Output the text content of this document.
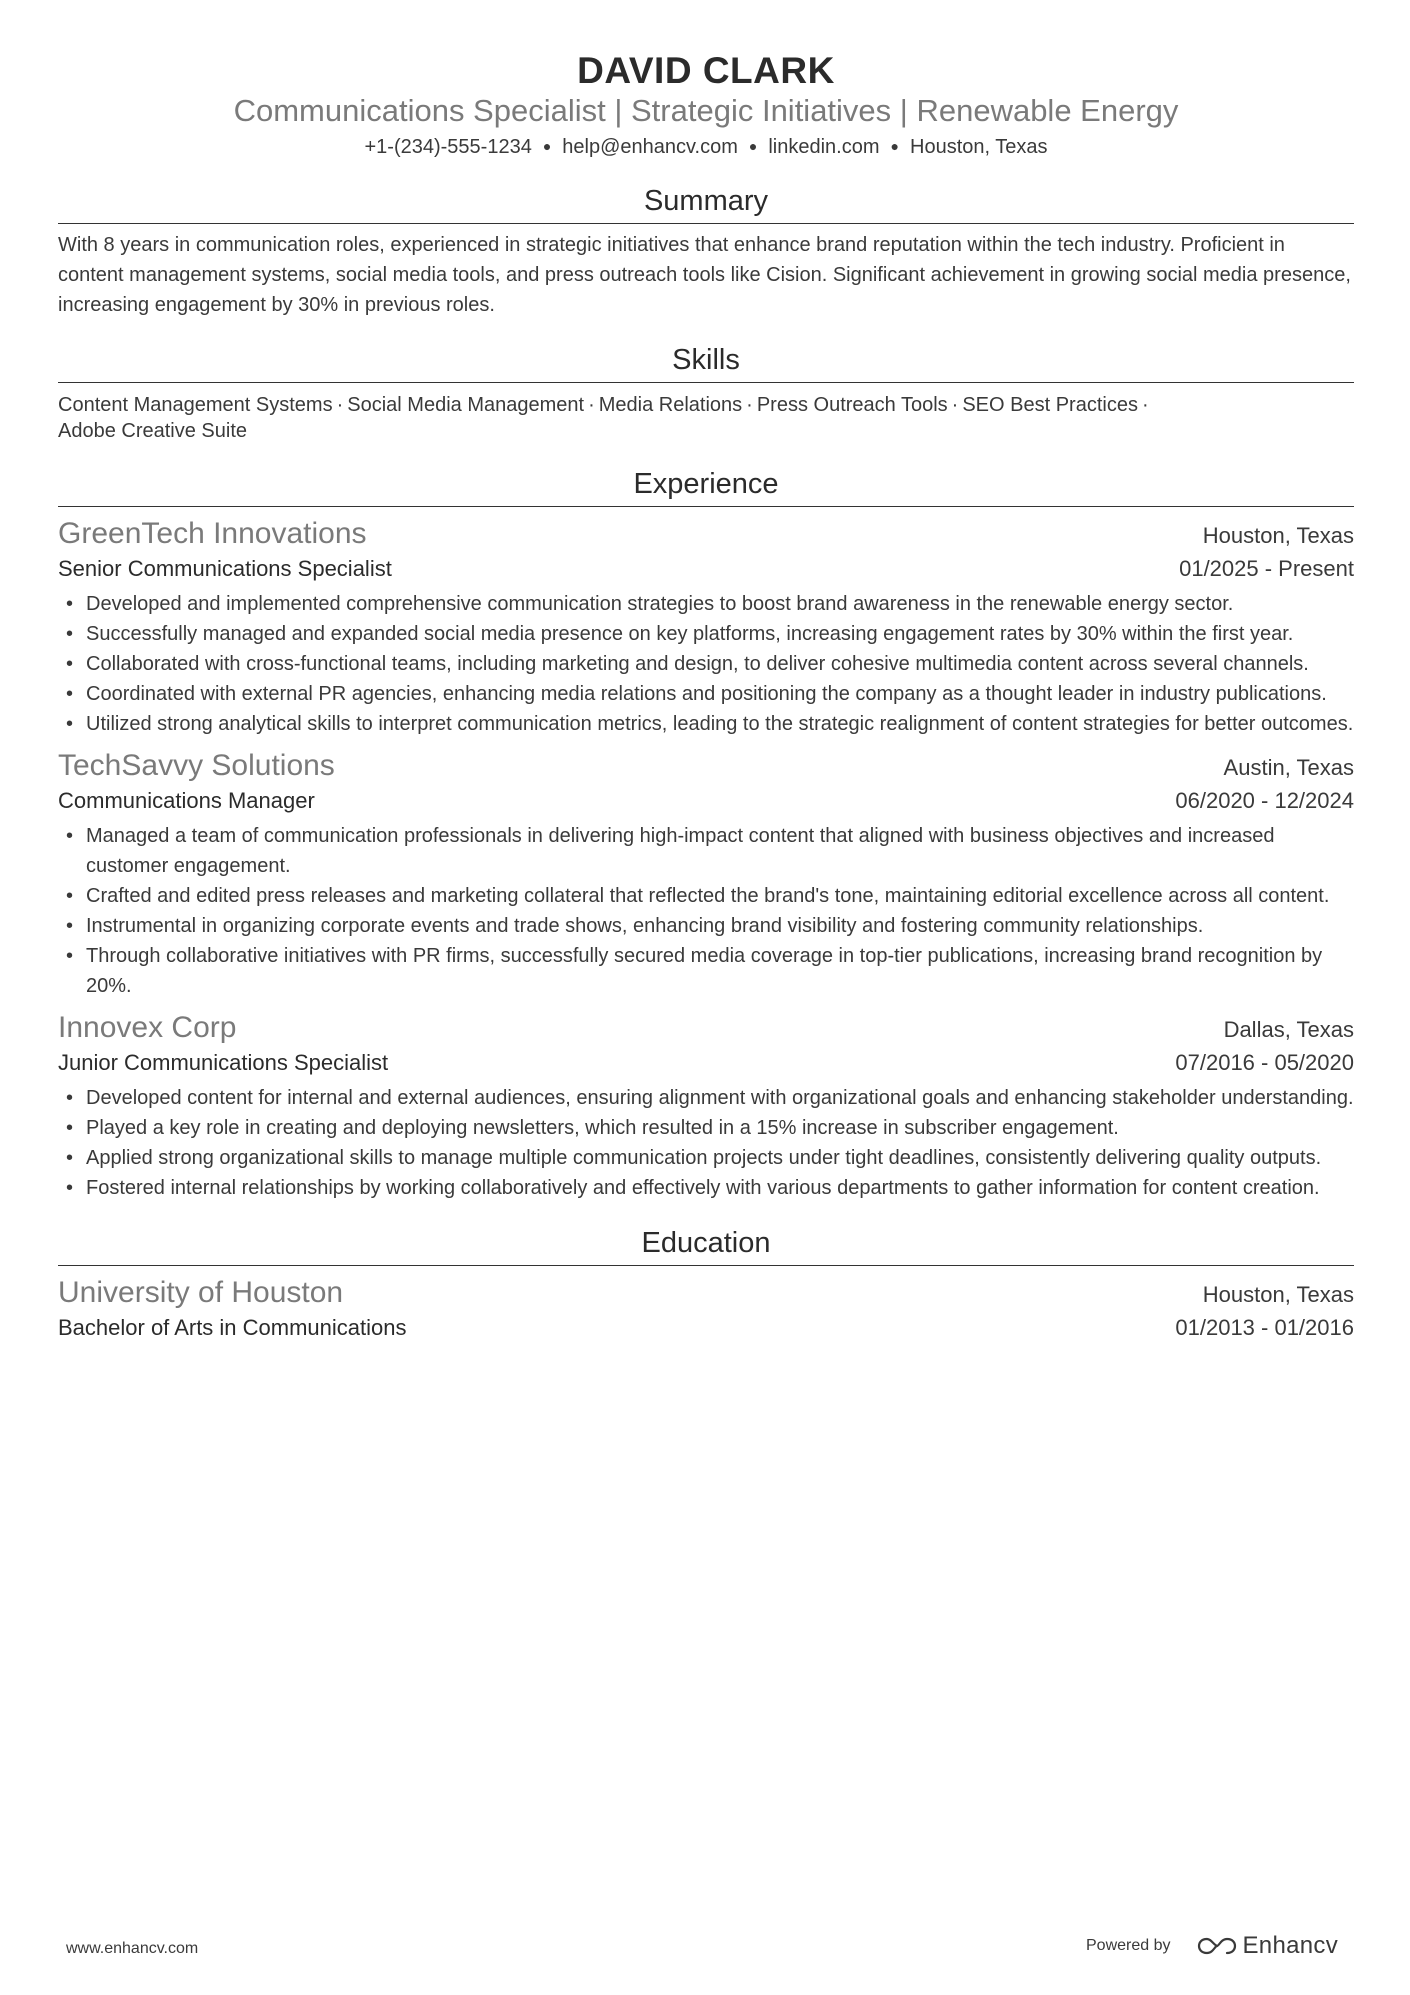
DAVID CLARK
Communications Specialist | Strategic Initiatives | Renewable Energy
+1-(234)-555-1234 ● help@enhancv.com ● linkedin.com ● Houston, Texas
Summary
With 8 years in communication roles, experienced in strategic initiatives that enhance brand reputation within the tech industry. Proficient in content management systems, social media tools, and press outreach tools like Cision. Significant achievement in growing social media presence, increasing engagement by 30% in previous roles.
Skills
Content Management Systems · Social Media Management · Media Relations · Press Outreach Tools · SEO Best Practices ·
Adobe Creative Suite
Experience
GreenTech Innovations	Houston, Texas
Senior Communications Specialist	01/2025 - Present
• Developed and implemented comprehensive communication strategies to boost brand awareness in the renewable energy sector.
• Successfully managed and expanded social media presence on key platforms, increasing engagement rates by 30% within the first year.
• Collaborated with cross-functional teams, including marketing and design, to deliver cohesive multimedia content across several channels.
• Coordinated with external PR agencies, enhancing media relations and positioning the company as a thought leader in industry publications.
• Utilized strong analytical skills to interpret communication metrics, leading to the strategic realignment of content strategies for better outcomes.
TechSavvy Solutions	Austin, Texas
Communications Manager	06/2020 - 12/2024
• Managed a team of communication professionals in delivering high-impact content that aligned with business objectives and increased customer engagement.
• Crafted and edited press releases and marketing collateral that reflected the brand's tone, maintaining editorial excellence across all content.
• Instrumental in organizing corporate events and trade shows, enhancing brand visibility and fostering community relationships.
• Through collaborative initiatives with PR firms, successfully secured media coverage in top-tier publications, increasing brand recognition by 20%.
Innovex Corp	Dallas, Texas
Junior Communications Specialist	07/2016 - 05/2020
• Developed content for internal and external audiences, ensuring alignment with organizational goals and enhancing stakeholder understanding.
• Played a key role in creating and deploying newsletters, which resulted in a 15% increase in subscriber engagement.
• Applied strong organizational skills to manage multiple communication projects under tight deadlines, consistently delivering quality outputs.
• Fostered internal relationships by working collaboratively and effectively with various departments to gather information for content creation.
Education
University of Houston	Houston, Texas
Bachelor of Arts in Communications	01/2013 - 01/2016
www.enhancv.com	Powered by	Enhancv
